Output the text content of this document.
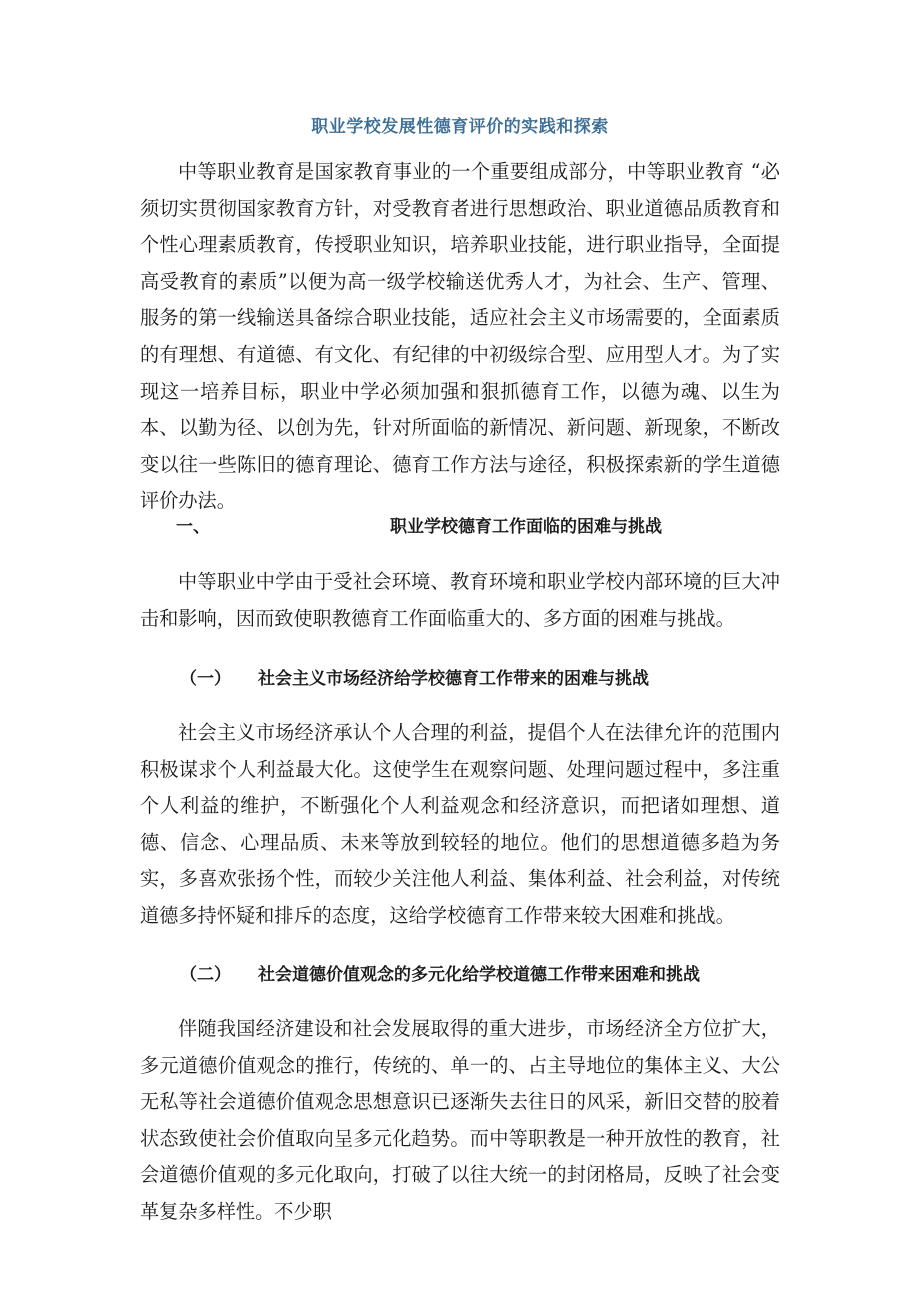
职业学校发展性德育评价的实践和探索

中等职业教育是国家教育事业的一个重要组成部分，中等职业教育 “必须切实贯彻国家教育方针，对受教育者进行思想政治、职业道德品质教育和个性心理素质教育，传授职业知识，培养职业技能，进行职业指导，全面提高受教育的素质”以便为高一级学校输送优秀人才，为社会、生产、管理、服务的第一线输送具备综合职业技能，适应社会主义市场需要的，全面素质的有理想、有道德、有文化、有纪律的中初级综合型、应用型人才。为了实现这一培养目标，职业中学必须加强和狠抓德育工作，以德为魂、以生为本、以勤为径、以创为先，针对所面临的新情况、新问题、新现象，不断改变以往一些陈旧的德育理论、德育工作方法与途径，积极探索新的学生道德评价办法。

一、	职业学校德育工作面临的困难与挑战

中等职业中学由于受社会环境、教育环境和职业学校内部环境的巨大冲击和影响，因而致使职教德育工作面临重大的、多方面的困难与挑战。

（一） 社会主义市场经济给学校德育工作带来的困难与挑战

社会主义市场经济承认个人合理的利益，提倡个人在法律允许的范围内积极谋求个人利益最大化。这使学生在观察问题、处理问题过程中，多注重个人利益的维护，不断强化个人利益观念和经济意识，而把诸如理想、道德、信念、心理品质、未来等放到较轻的地位。他们的思想道德多趋为务实，多喜欢张扬个性，而较少关注他人利益、集体利益、社会利益，对传统道德多持怀疑和排斥的态度，这给学校德育工作带来较大困难和挑战。

（二） 社会道德价值观念的多元化给学校道德工作带来困难和挑战

伴随我国经济建设和社会发展取得的重大进步，市场经济全方位扩大，多元道德价值观念的推行，传统的、单一的、占主导地位的集体主义、大公无私等社会道德价值观念思想意识已逐渐失去往日的风采，新旧交替的胶着状态致使社会价值取向呈多元化趋势。而中等职教是一种开放性的教育，社会道德价值观的多元化取向，打破了以往大统一的封闭格局，反映了社会变革复杂多样性。不少职
